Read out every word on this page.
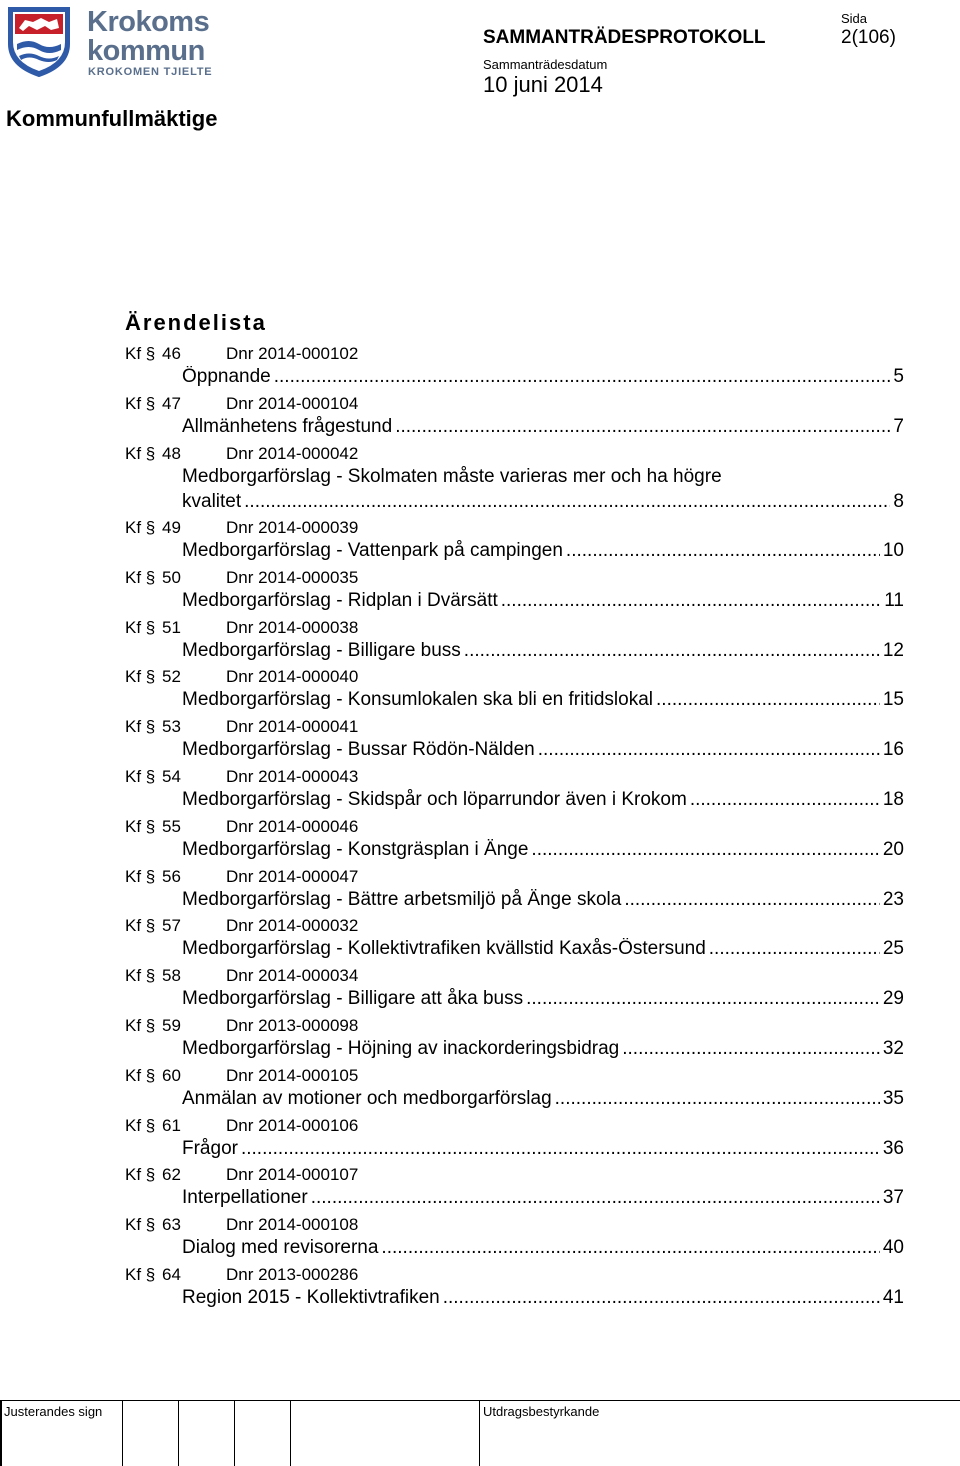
Krokoms
kommun
KROKOMEN TJIELTE
SAMMANTRÄDESPROTOKOLL
Sida
2(106)
Sammanträdesdatum
10 juni 2014
Kommunfullmäktige
Ärendelista
Kf § 46	Dnr 2014-000102
Öppnande .....	5
Kf § 47	Dnr 2014-000104
Allmänhetens frågestund .....	7
Kf § 48	Dnr 2014-000042
Medborgarförslag - Skolmaten måste varieras mer och ha högre
kvalitet .....	8
Kf § 49	Dnr 2014-000039
Medborgarförslag - Vattenpark på campingen .....	10
Kf § 50	Dnr 2014-000035
Medborgarförslag - Ridplan i Dvärsätt .....	11
Kf § 51	Dnr 2014-000038
Medborgarförslag - Billigare buss .....	12
Kf § 52	Dnr 2014-000040
Medborgarförslag - Konsumlokalen ska bli en fritidslokal .....	15
Kf § 53	Dnr 2014-000041
Medborgarförslag - Bussar Rödön-Nälden .....	16
Kf § 54	Dnr 2014-000043
Medborgarförslag - Skidspår och löparrundor även i Krokom .....	18
Kf § 55	Dnr 2014-000046
Medborgarförslag - Konstgräsplan i Änge .....	20
Kf § 56	Dnr 2014-000047
Medborgarförslag - Bättre arbetsmiljö på Änge skola .....	23
Kf § 57	Dnr 2014-000032
Medborgarförslag - Kollektivtrafiken kvällstid Kaxås-Östersund .....	25
Kf § 58	Dnr 2014-000034
Medborgarförslag - Billigare att åka buss .....	29
Kf § 59	Dnr 2013-000098
Medborgarförslag - Höjning av inackorderingsbidrag .....	32
Kf § 60	Dnr 2014-000105
Anmälan av motioner och medborgarförslag .....	35
Kf § 61	Dnr 2014-000106
Frågor .....	36
Kf § 62	Dnr 2014-000107
Interpellationer .....	37
Kf § 63	Dnr 2014-000108
Dialog med revisorerna .....	40
Kf § 64	Dnr 2013-000286
Region 2015 - Kollektivtrafiken .....	41
Justerandes sign	Utdragsbestyrkande
